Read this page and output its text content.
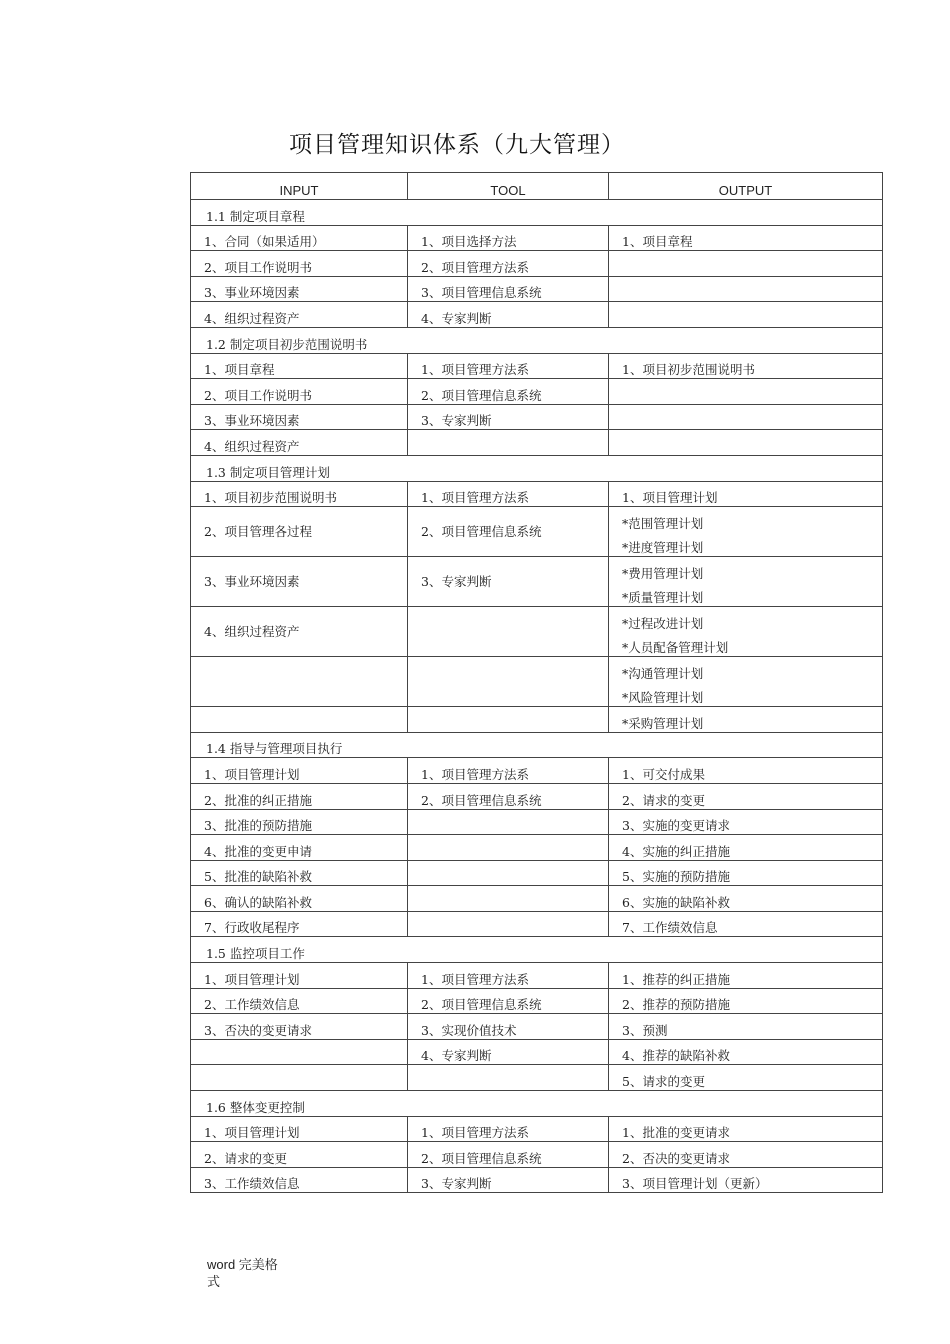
项目管理知识体系（九大管理）
INPUT	TOOL	OUTPUT
1.1 制定项目章程		
1、合同（如果适用）	1、项目选择方法	1、项目章程
2、项目工作说明书	2、项目管理方法系	
3、事业环境因素	3、项目管理信息系统	
4、组织过程资产	4、专家判断	
1.2 制定项目初步范围说明书		
1、项目章程	1、项目管理方法系	1、项目初步范围说明书
2、项目工作说明书	2、项目管理信息系统	
3、事业环境因素	3、专家判断	
4、组织过程资产		
1.3 制定项目管理计划		
1、项目初步范围说明书	1、项目管理方法系	1、项目管理计划
2、项目管理各过程	2、项目管理信息系统	*范围管理计划
*进度管理计划
3、事业环境因素	3、专家判断	*费用管理计划
*质量管理计划
4、组织过程资产		*过程改进计划
*人员配备管理计划

		*沟通管理计划
*风险管理计划
		*采购管理计划
1.4 指导与管理项目执行		
1、项目管理计划	1、项目管理方法系	1、可交付成果
2、批准的纠正措施	2、项目管理信息系统	2、请求的变更
3、批准的预防措施		3、实施的变更请求
4、批准的变更申请		4、实施的纠正措施
5、批准的缺陷补救		5、实施的预防措施
6、确认的缺陷补救		6、实施的缺陷补救
7、行政收尾程序		7、工作绩效信息
1.5 监控项目工作		
1、项目管理计划	1、项目管理方法系	1、推荐的纠正措施
2、工作绩效信息	2、项目管理信息系统	2、推荐的预防措施
3、否决的变更请求	3、实现价值技术	3、预测
	4、专家判断	4、推荐的缺陷补救
		5、请求的变更
1.6 整体变更控制		
1、项目管理计划	1、项目管理方法系	1、批准的变更请求
2、请求的变更	2、项目管理信息系统	2、否决的变更请求
3、工作绩效信息	3、专家判断	3、项目管理计划（更新）
word 完美格
式
